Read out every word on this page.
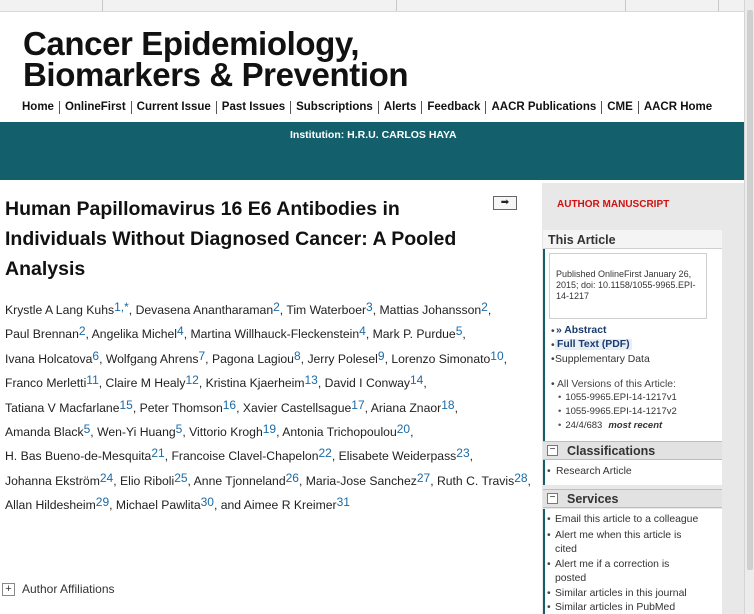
Cancer Epidemiology,
Biomarkers & Prevention
Home OnlineFirst Current Issue Past Issues Subscriptions Alerts Feedback AACR Publications CME AACR Home
Institution: H.R.U. CARLOS HAYA
Human Papillomavirus 16 E6 Antibodies in Individuals Without Diagnosed Cancer: A Pooled Analysis
➡
Krystle A Lang Kuhs$^{1,*}$, Devasena Anantharaman$^2$, Tim Waterboer$^3$, Mattias Johansson$^2$, Paul Brennan$^2$, Angelika Michel$^4$, Martina Willhauck-Fleckenstein$^4$, Mark P. Purdue$^5$, Ivana Holcatova$^6$, Wolfgang Ahrens$^7$, Pagona Lagiou$^8$, Jerry Polesel$^9$, Lorenzo Simonato$^{10}$, Franco Merletti$^{11}$, Claire M Healy$^{12}$, Kristina Kjaerheim$^{13}$, David I Conway$^{14}$, Tatiana V Macfarlane$^{15}$, Peter Thomson$^{16}$, Xavier Castellsague$^{17}$, Ariana Znaor$^{18}$, Amanda Black$^5$, Wen-Yi Huang$^5$, Vittorio Krogh$^{19}$, Antonia Trichopoulou$^{20}$, H. Bas Bueno-de-Mesquita$^{21}$, Francoise Clavel-Chapelon$^{22}$, Elisabete Weiderpass$^{23}$, Johanna Ekström$^{24}$, Elio Riboli$^{25}$, Anne Tjonneland$^{26}$, Maria-Jose Sanchez$^{27}$, Ruth C. Travis$^{28}$, Allan Hildesheim$^{29}$, Michael Pawlita$^{30}$, and Aimee R Kreimer$^{31}$
+ Author Affiliations
AUTHOR MANUSCRIPT
This Article
Published OnlineFirst January 26, 2015; doi: 10.1158/1055-9965.EPI-14-1217
• » Abstract
• Full Text (PDF)
• Supplementary Data
• All Versions of this Article:
• 1055-9965.EPI-14-1217v1
• 1055-9965.EPI-14-1217v2
• 24/4/683 most recent
− Classifications
• Research Article
− Services
• Email this article to a colleague
• Alert me when this article is
cited
• Alert me if a correction is
posted
• Similar articles in this journal
• Similar articles in PubMed
